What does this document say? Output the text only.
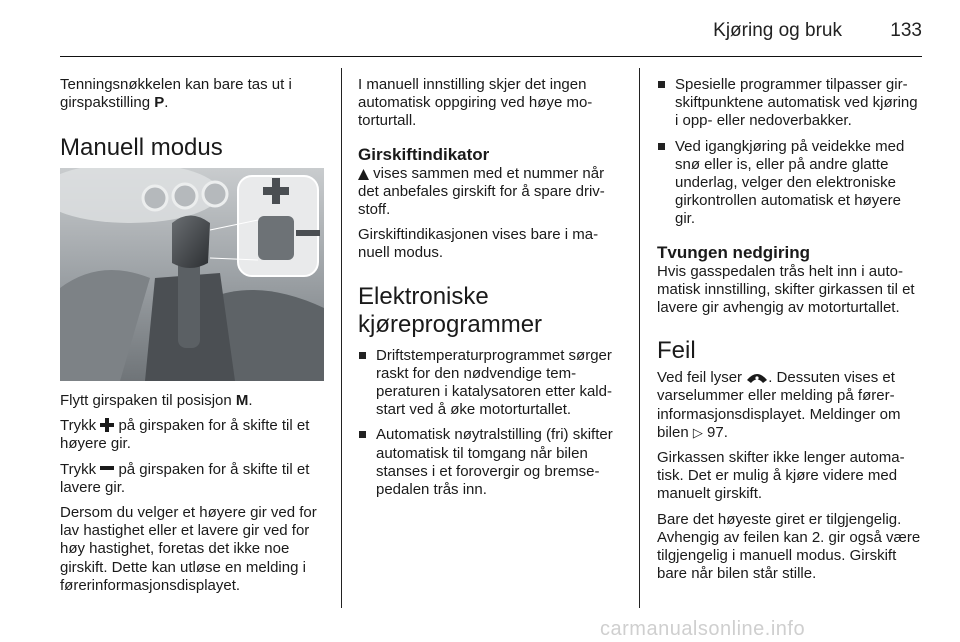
Kjøring og bruk	133

Tenningsnøkkelen kan bare tas ut i girspakstilling P.

Manuell modus

Flytt girspaken til posisjon M.

Trykk på girspaken for å skifte til et høyere gir.

Trykk på girspaken for å skifte til et lavere gir.

Dersom du velger et høyere gir ved for lav hastighet eller et lavere gir ved for høy hastighet, foretas det ikke noe girskift. Dette kan utløse en melding i førerinformasjonsdisplayet.

I manuell innstilling skjer det ingen automatisk oppgiring ved høye motorturtall.

Girskiftindikator

vises sammen med et nummer når det anbefales girskift for å spare drivstoff.

Girskiftindikasjonen vises bare i manuell modus.

Elektroniske kjøreprogrammer
Driftstemperaturprogrammet sørger raskt for den nødvendige temperaturen i katalysatoren etter kaldstart ved å øke motorturtallet.
Automatisk nøytralstilling (fri) skifter automatisk til tomgang når bilen stanses i et forovergir og bremsepedalen trås inn.
Spesielle programmer tilpasser girskiftpunktene automatisk ved kjøring i opp- eller nedoverbakker.
Ved igangkjøring på veidekke med snø eller is, eller på andre glatte underlag, velger den elektroniske girkontrollen automatisk et høyere gir.
Tvungen nedgiring

Hvis gasspedalen trås helt inn i automatisk innstilling, skifter girkassen til et lavere gir avhengig av motorturtallet.

Feil

Ved feil lyser . Dessuten vises et varselummer eller melding på førerinformasjonsdisplayet. Meldinger om bilen ▷ 97.

Girkassen skifter ikke lenger automatisk. Det er mulig å kjøre videre med manuelt girskift.

Bare det høyeste giret er tilgjengelig. Avhengig av feilen kan 2. gir også være tilgjengelig i manuell modus. Girskift bare når bilen står stille.

carmanualsonline.info
